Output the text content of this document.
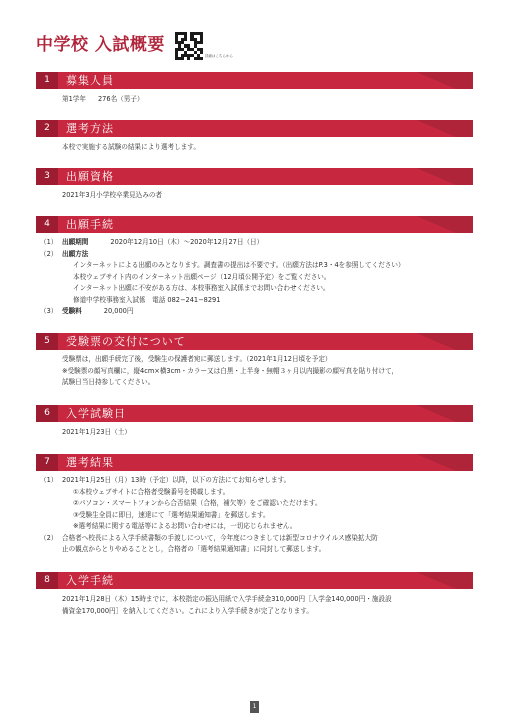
中学校 入試概要
詳細はこちらから
1	募集人員
第1学年 276名（男子）
2	選考方法
本校で実施する試験の結果により選考します。
3	出願資格
2021年3月小学校卒業見込みの者
4	出願手続
（1） 出願期間	2020年12月10日（木）〜2020年12月27日（日）
（2） 出願方法
インターネットによる出願のみとなります。調査書の提出は不要です。（出願方法はP.3・4を参照してください）
本校ウェブサイト内のインターネット出願ページ（12月頃公開予定）をご覧ください。
インターネット出願に不安がある方は、本校事務室入試係までお問い合わせください。
修道中学校事務室入試係　電話 082−241−8291
（3） 受験料	20,000円
5	受験票の交付について
受験票は，出願手続完了後，受験生の保護者宛に郵送します。（2021年1月12日頃を予定）
※受験票の顔写真欄に，縦4cm×横3cm・カラー又は白黒・上半身・無帽３ヶ月以内撮影の顔写真を貼り付けて，
試験日当日持参してください。
6	入学試験日
2021年1月23日（土）
7	選考結果
（1） 2021年1月25日（月）13時（予定）以降，以下の方法にてお知らせします。
①本校ウェブサイトに合格者受験番号を掲載します。
②パソコン・スマートフォンから合否結果（合格，補欠等）をご確認いただけます。
③受験生全員に即日，速達にて「選考結果通知書」を郵送します。
※選考結果に関する電話等によるお問い合わせには，一切応じられません。
（2） 合格者へ校長による入学手続書類の手渡しについて，今年度につきましては新型コロナウイルス感染拡大防
止の観点からとりやめることとし，合格者の「選考結果通知書」に同封して郵送します。
8	入学手続
2021年1月28日（木）15時までに，本校指定の振込用紙で入学手続金310,000円［入学金140,000円・施設設
備資金170,000円］を納入してください。これにより入学手続きが完了となります。
1
